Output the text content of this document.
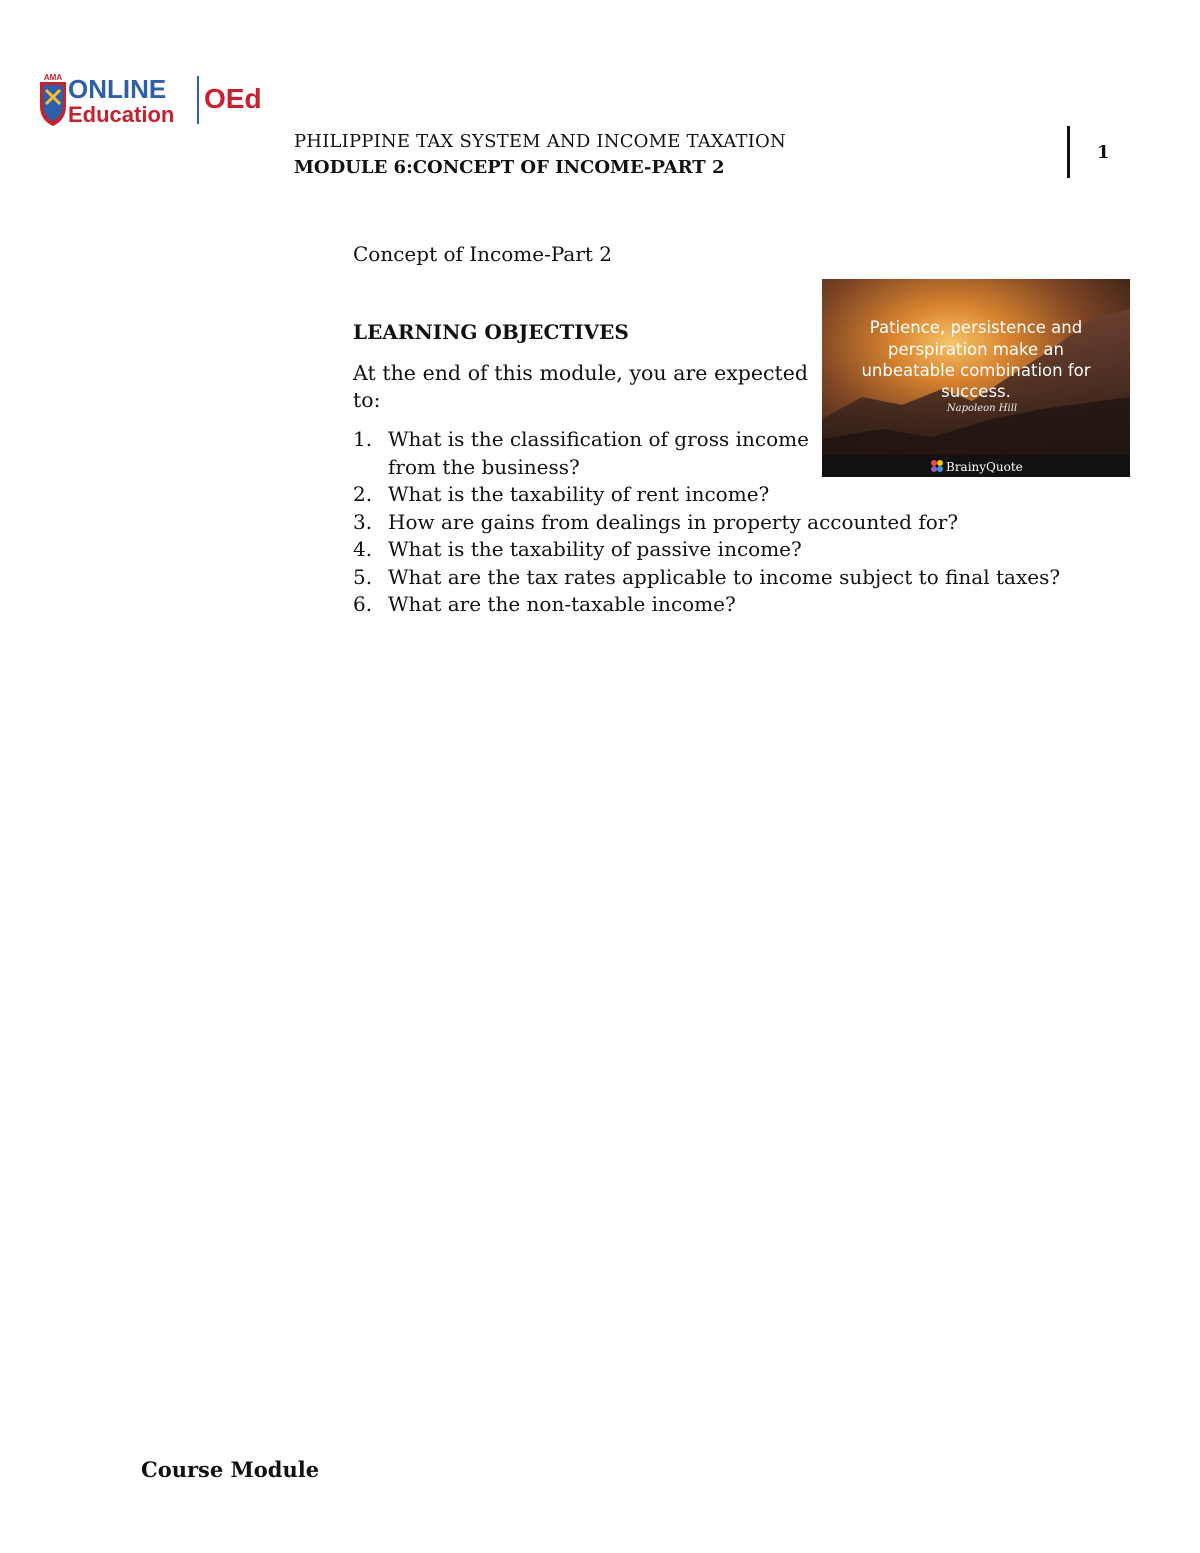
AMA ONLINE
Education
OEd
PHILIPPINE TAX SYSTEM AND INCOME TAXATION
MODULE 6:CONCEPT OF INCOME-PART 2
1
Concept of Income-Part 2
LEARNING OBJECTIVES
At the end of this module, you are expected to:
1. What is the classification of gross income from the business?
2. What is the taxability of rent income?
3. How are gains from dealings in property accounted for?
4. What is the taxability of passive income?
5. What are the tax rates applicable to income subject to final taxes?
6. What are the non-taxable income?
Patience, persistence and
perspiration make an
unbeatable combination for
success.
Napoleon Hill
BrainyQuote
Course Module
